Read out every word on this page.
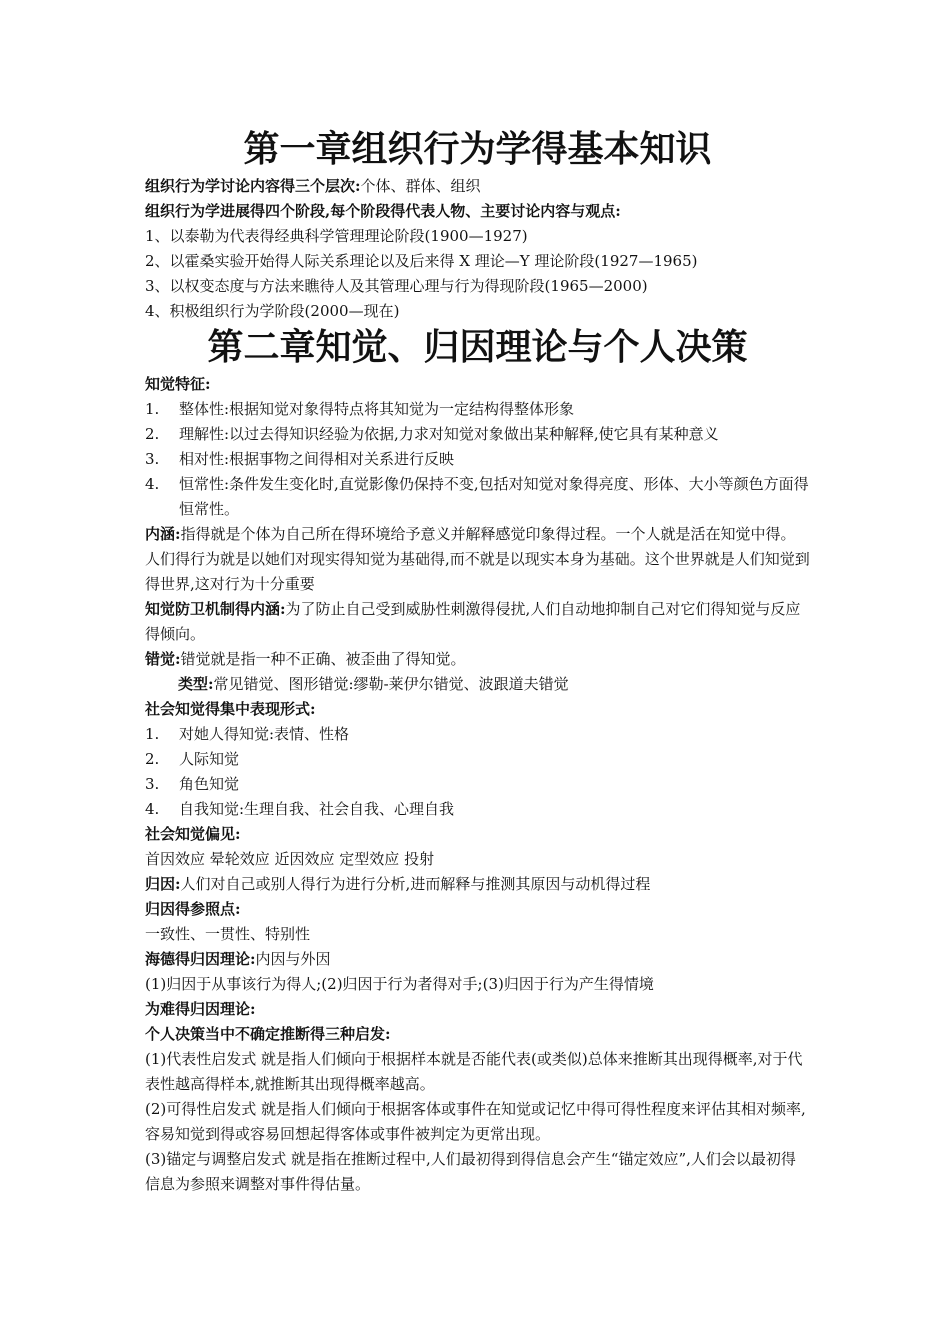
第一章组织行为学得基本知识

组织行为学讨论内容得三个层次:个体、群体、组织

组织行为学进展得四个阶段,每个阶段得代表人物、主要讨论内容与观点:

1、以泰勒为代表得经典科学管理理论阶段(1900—1927)

2、以霍桑实验开始得人际关系理论以及后来得 X 理论—Y 理论阶段(1927—1965)

3、以权变态度与方法来瞧待人及其管理心理与行为得现阶段(1965—2000)

4、积极组织行为学阶段(2000—现在)

第二章知觉、归因理论与个人决策

知觉特征:

1.	整体性:根据知觉对象得特点将其知觉为一定结构得整体形象
2.	理解性:以过去得知识经验为依据,力求对知觉对象做出某种解释,使它具有某种意义
3.	相对性:根据事物之间得相对关系进行反映
4.	恒常性:条件发生变化时,直觉影像仍保持不变,包括对知觉对象得亮度、形体、大小等颜色方面得恒常性。

内涵:指得就是个体为自己所在得环境给予意义并解释感觉印象得过程。一个人就是活在知觉中得。

人们得行为就是以她们对现实得知觉为基础得,而不就是以现实本身为基础。这个世界就是人们知觉到得世界,这对行为十分重要

知觉防卫机制得内涵:为了防止自己受到威胁性刺激得侵扰,人们自动地抑制自己对它们得知觉与反应得倾向。

错觉:错觉就是指一种不正确、被歪曲了得知觉。

类型:常见错觉、图形错觉:缪勒-莱伊尔错觉、波跟道夫错觉

社会知觉得集中表现形式:

1.	对她人得知觉:表情、性格
2.	人际知觉
3.	角色知觉
4.	自我知觉:生理自我、社会自我、心理自我

社会知觉偏见:

首因效应 晕轮效应 近因效应 定型效应 投射

归因:人们对自己或别人得行为进行分析,进而解释与推测其原因与动机得过程

归因得参照点:

一致性、一贯性、特别性

海德得归因理论:内因与外因

(1)归因于从事该行为得人;(2)归因于行为者得对手;(3)归因于行为产生得情境

为难得归因理论:

个人决策当中不确定推断得三种启发:

(1)代表性启发式 就是指人们倾向于根据样本就是否能代表(或类似)总体来推断其出现得概率,对于代表性越高得样本,就推断其出现得概率越高。

(2)可得性启发式 就是指人们倾向于根据客体或事件在知觉或记忆中得可得性程度来评估其相对频率,容易知觉到得或容易回想起得客体或事件被判定为更常出现。

(3)锚定与调整启发式 就是指在推断过程中,人们最初得到得信息会产生“锚定效应”,人们会以最初得信息为参照来调整对事件得估量。
